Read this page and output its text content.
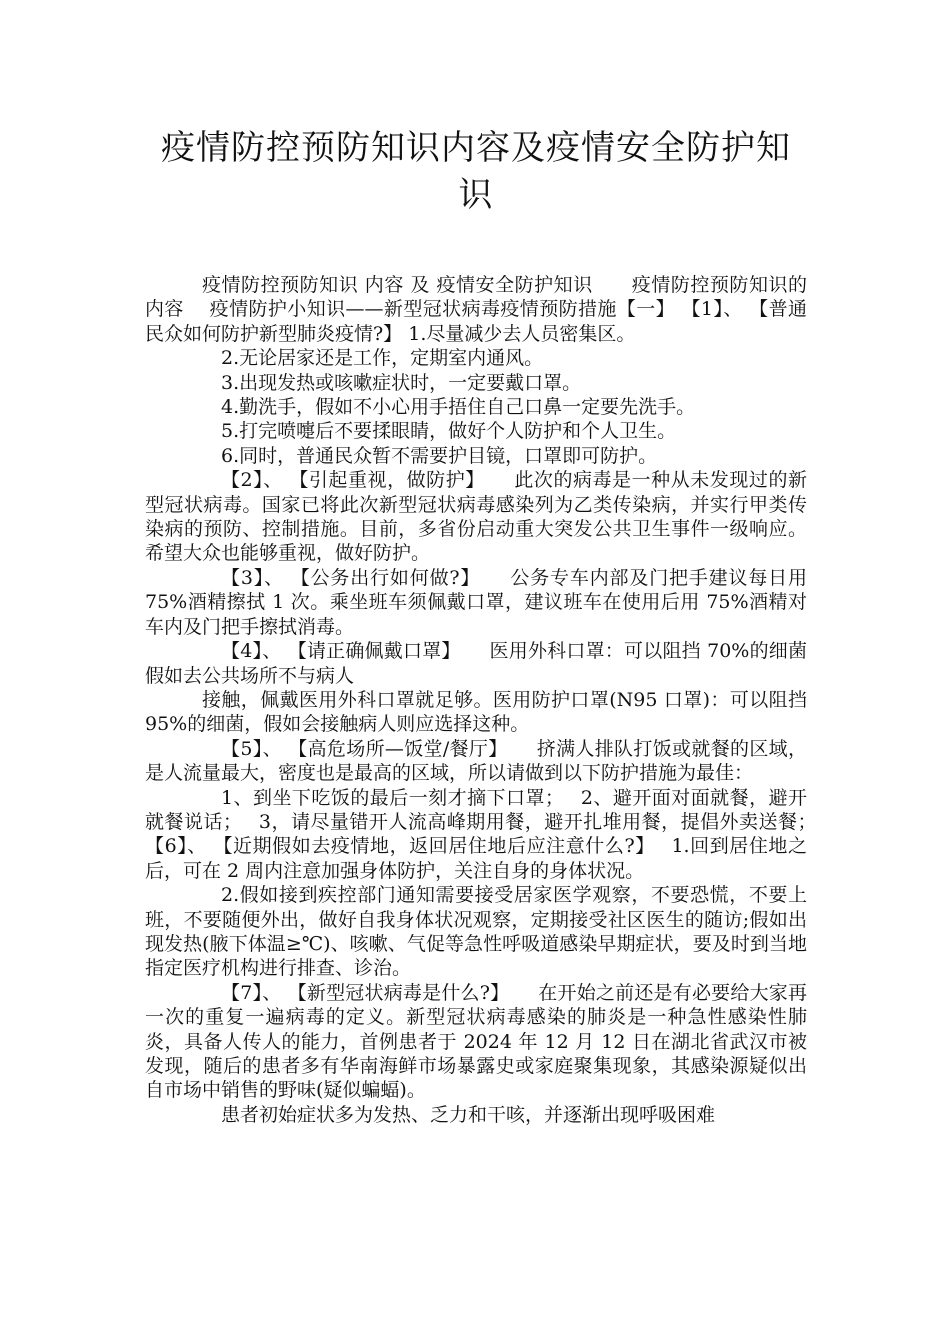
疫情防控预防知识内容及疫情安全防护知识

疫情防控预防知识 内容 及 疫情安全防护知识　　疫情防控预防知识的内容　 疫情防护小知识——新型冠状病毒疫情预防措施【一】 【1】、 【普通民众如何防护新型肺炎疫情?】 1.尽量减少去人员密集区。

2.无论居家还是工作，定期室内通风。

3.出现发热或咳嗽症状时，一定要戴口罩。

4.勤洗手，假如不小心用手捂住自己口鼻一定要先洗手。

5.打完喷嚏后不要揉眼睛，做好个人防护和个人卫生。

6.同时，普通民众暂不需要护目镜，口罩即可防护。

【2】、 【引起重视，做防护】　　此次的病毒是一种从未发现过的新型冠状病毒。国家已将此次新型冠状病毒感染列为乙类传染病，并实行甲类传染病的预防、控制措施。目前，多省份启动重大突发公共卫生事件一级响应。希望大众也能够重视，做好防护。

【3】、 【公务出行如何做?】　　公务专车内部及门把手建议每日用 75%酒精擦拭 1 次。乘坐班车须佩戴口罩，建议班车在使用后用 75%酒精对车内及门把手擦拭消毒。

【4】、 【请正确佩戴口罩】　　医用外科口罩：可以阻挡 70%的细菌假如去公共场所不与病人

接触，佩戴医用外科口罩就足够。医用防护口罩(N95 口罩)：可以阻挡 95%的细菌，假如会接触病人则应选择这种。

【5】、 【高危场所—饭堂/餐厅】　　挤满人排队打饭或就餐的区域，是人流量最大，密度也是最高的区域，所以请做到以下防护措施为最佳：

1、到坐下吃饭的最后一刻才摘下口罩；　 2、避开面对面就餐，避开就餐说话；　 3，请尽量错开人流高峰期用餐，避开扎堆用餐，提倡外卖送餐；　 【6】、 【近期假如去疫情地，返回居住地后应注意什么?】　 1.回到居住地之后，可在 2 周内注意加强身体防护，关注自身的身体状况。

2.假如接到疾控部门通知需要接受居家医学观察，不要恐慌，不要上班，不要随便外出，做好自我身体状况观察，定期接受社区医生的随访;假如出现发热(腋下体温≥℃)、咳嗽、气促等急性呼吸道感染早期症状，要及时到当地指定医疗机构进行排查、诊治。

【7】、 【新型冠状病毒是什么?】　　在开始之前还是有必要给大家再一次的重复一遍病毒的定义。新型冠状病毒感染的肺炎是一种急性感染性肺炎，具备人传人的能力，首例患者于 2024 年 12 月 12 日在湖北省武汉市被发现，随后的患者多有华南海鲜市场暴露史或家庭聚集现象，其感染源疑似出自市场中销售的野味(疑似蝙蝠)。

患者初始症状多为发热、乏力和干咳，并逐渐出现呼吸困难
